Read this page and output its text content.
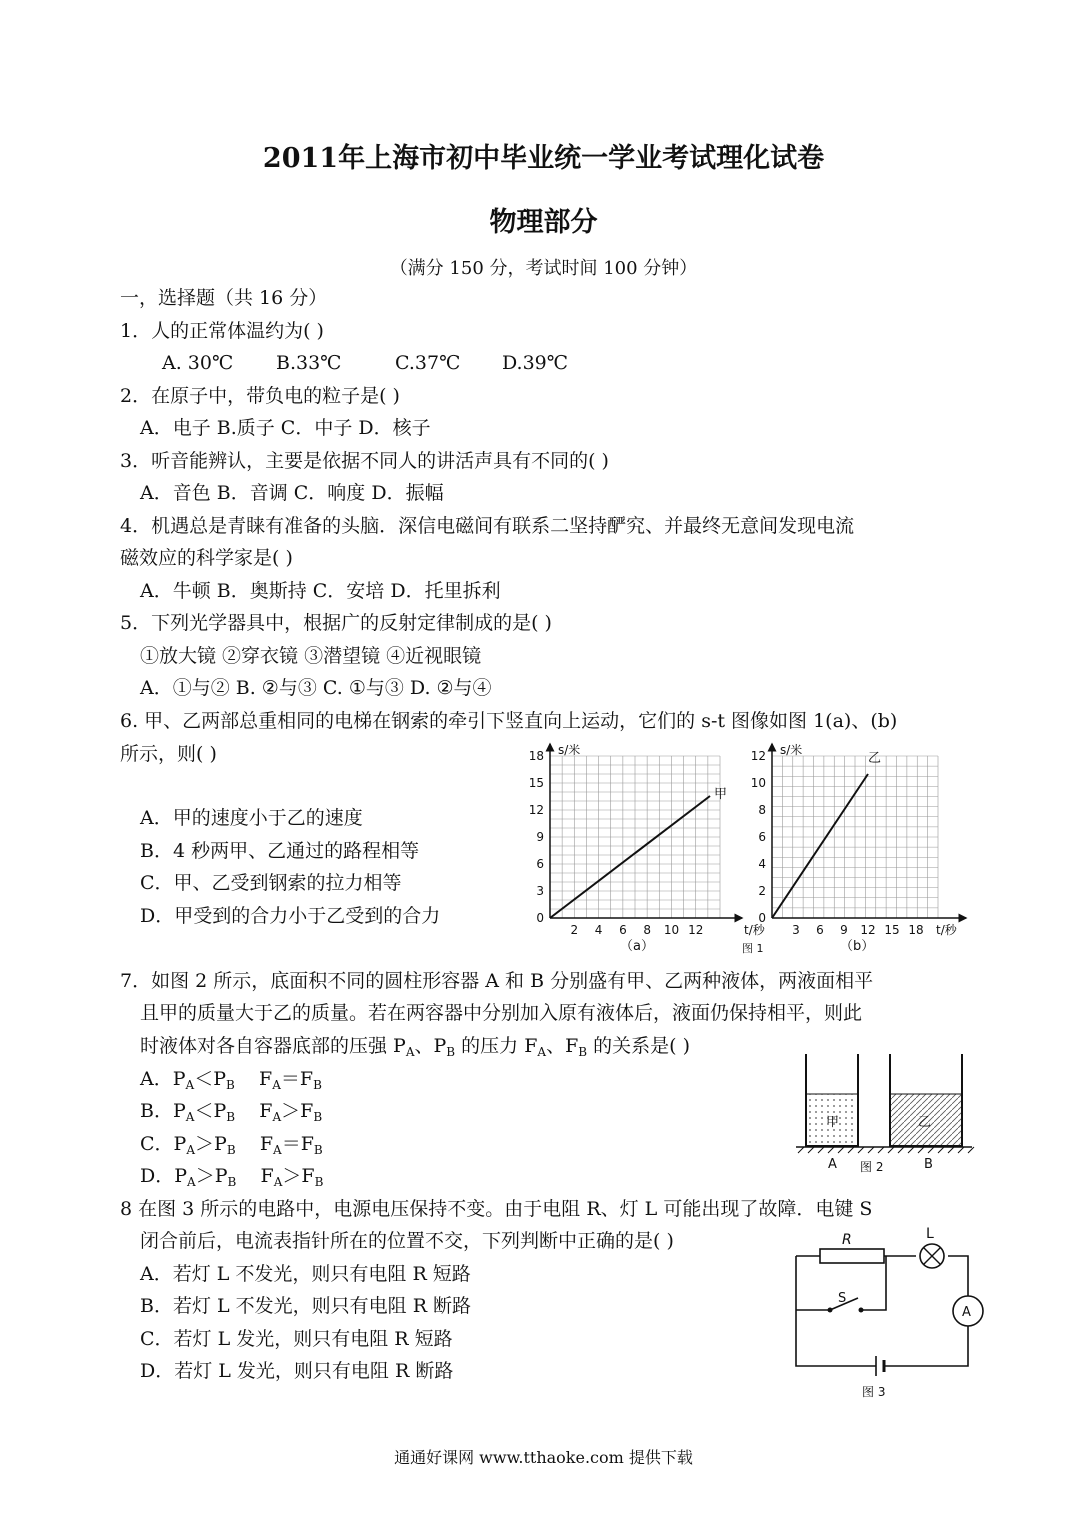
2011年上海市初中毕业统一学业考试理化试卷
物理部分
（满分 150 分，考试时间 100 分钟）
一，选择题（共 16 分）
1．人的正常体温约为( )
A. 30℃ B.33℃	C.37℃ D.39℃
2．在原子中，带负电的粒子是( )
A．电子 B.质子 C．中子 D．核子
3．听音能辨认，主要是依据不同人的讲活声具有不同的( )
A．音色 B．音调 C．响度 D．振幅
4．机遇总是青睐有准备的头脑．深信电磁间有联系二坚持酽究、并最终无意间发现电流
磁效应的科学家是( )
A．牛顿 B．奥斯持 C．安培 D．托里拆利
5．下列光学器具中，根据广的反射定律制成的是( )
①放大镜 ②穿衣镜 ③潜望镜 ④近视眼镜
A．①与② B. ②与③ C. ①与③ D. ②与④
6. 甲、乙两部总重相同的电梯在钢索的牵引下竖直向上运动，它们的 s-t 图像如图 1(a)、(b)
所示，则( )
A．甲的速度小于乙的速度
B．4 秒两甲、乙通过的路程相等
C．甲、乙受到钢索的拉力相等
D．甲受到的合力小于乙受到的合力	0
3
6
9
12
15
18
2 4 6 8 10 12
0
2
4
6
8
10
12
3 6 9 12 15 18
s/米
t/秒
s/米
t/秒
甲
乙
（a）	（b）
图 1
7．如图 2 所示，底面积不同的圆柱形容器 A 和 B 分别盛有甲、乙两种液体，两液面相平
且甲的质量大于乙的质量。若在两容器中分别加入原有液体后，液面仍保持相平，则此
时液体对各自容器底部的压强 $P_A$、$P_B$ 的压力 $F_A$、$F_B$ 的关系是( )
A．$P_A<P_B$ $F_A=F_B$
B．$P_A<P_B$ $F_A>F_B$
C．$P_A>P_B$ $F_A=F_B$
D．$P_A>P_B$ $F_A>F_B$
甲	乙
A	B
图 2
8 在图 3 所示的电路中，电源电压保持不变。由于电阻 R、灯 L 可能出现了故障．电键 S
闭合前后，电流表指针所在的位置不交，下列判断中正确的是( )
A．若灯 L 不发光，则只有电阻 R 短路
B．若灯 L 不发光，则只有电阻 R 断路
C．若灯 L 发光，则只有电阻 R 短路
D．若灯 L 发光，则只有电阻 R 断路
R	L
S
A
图 3
通通好课网 www.tthaoke.com 提供下载
